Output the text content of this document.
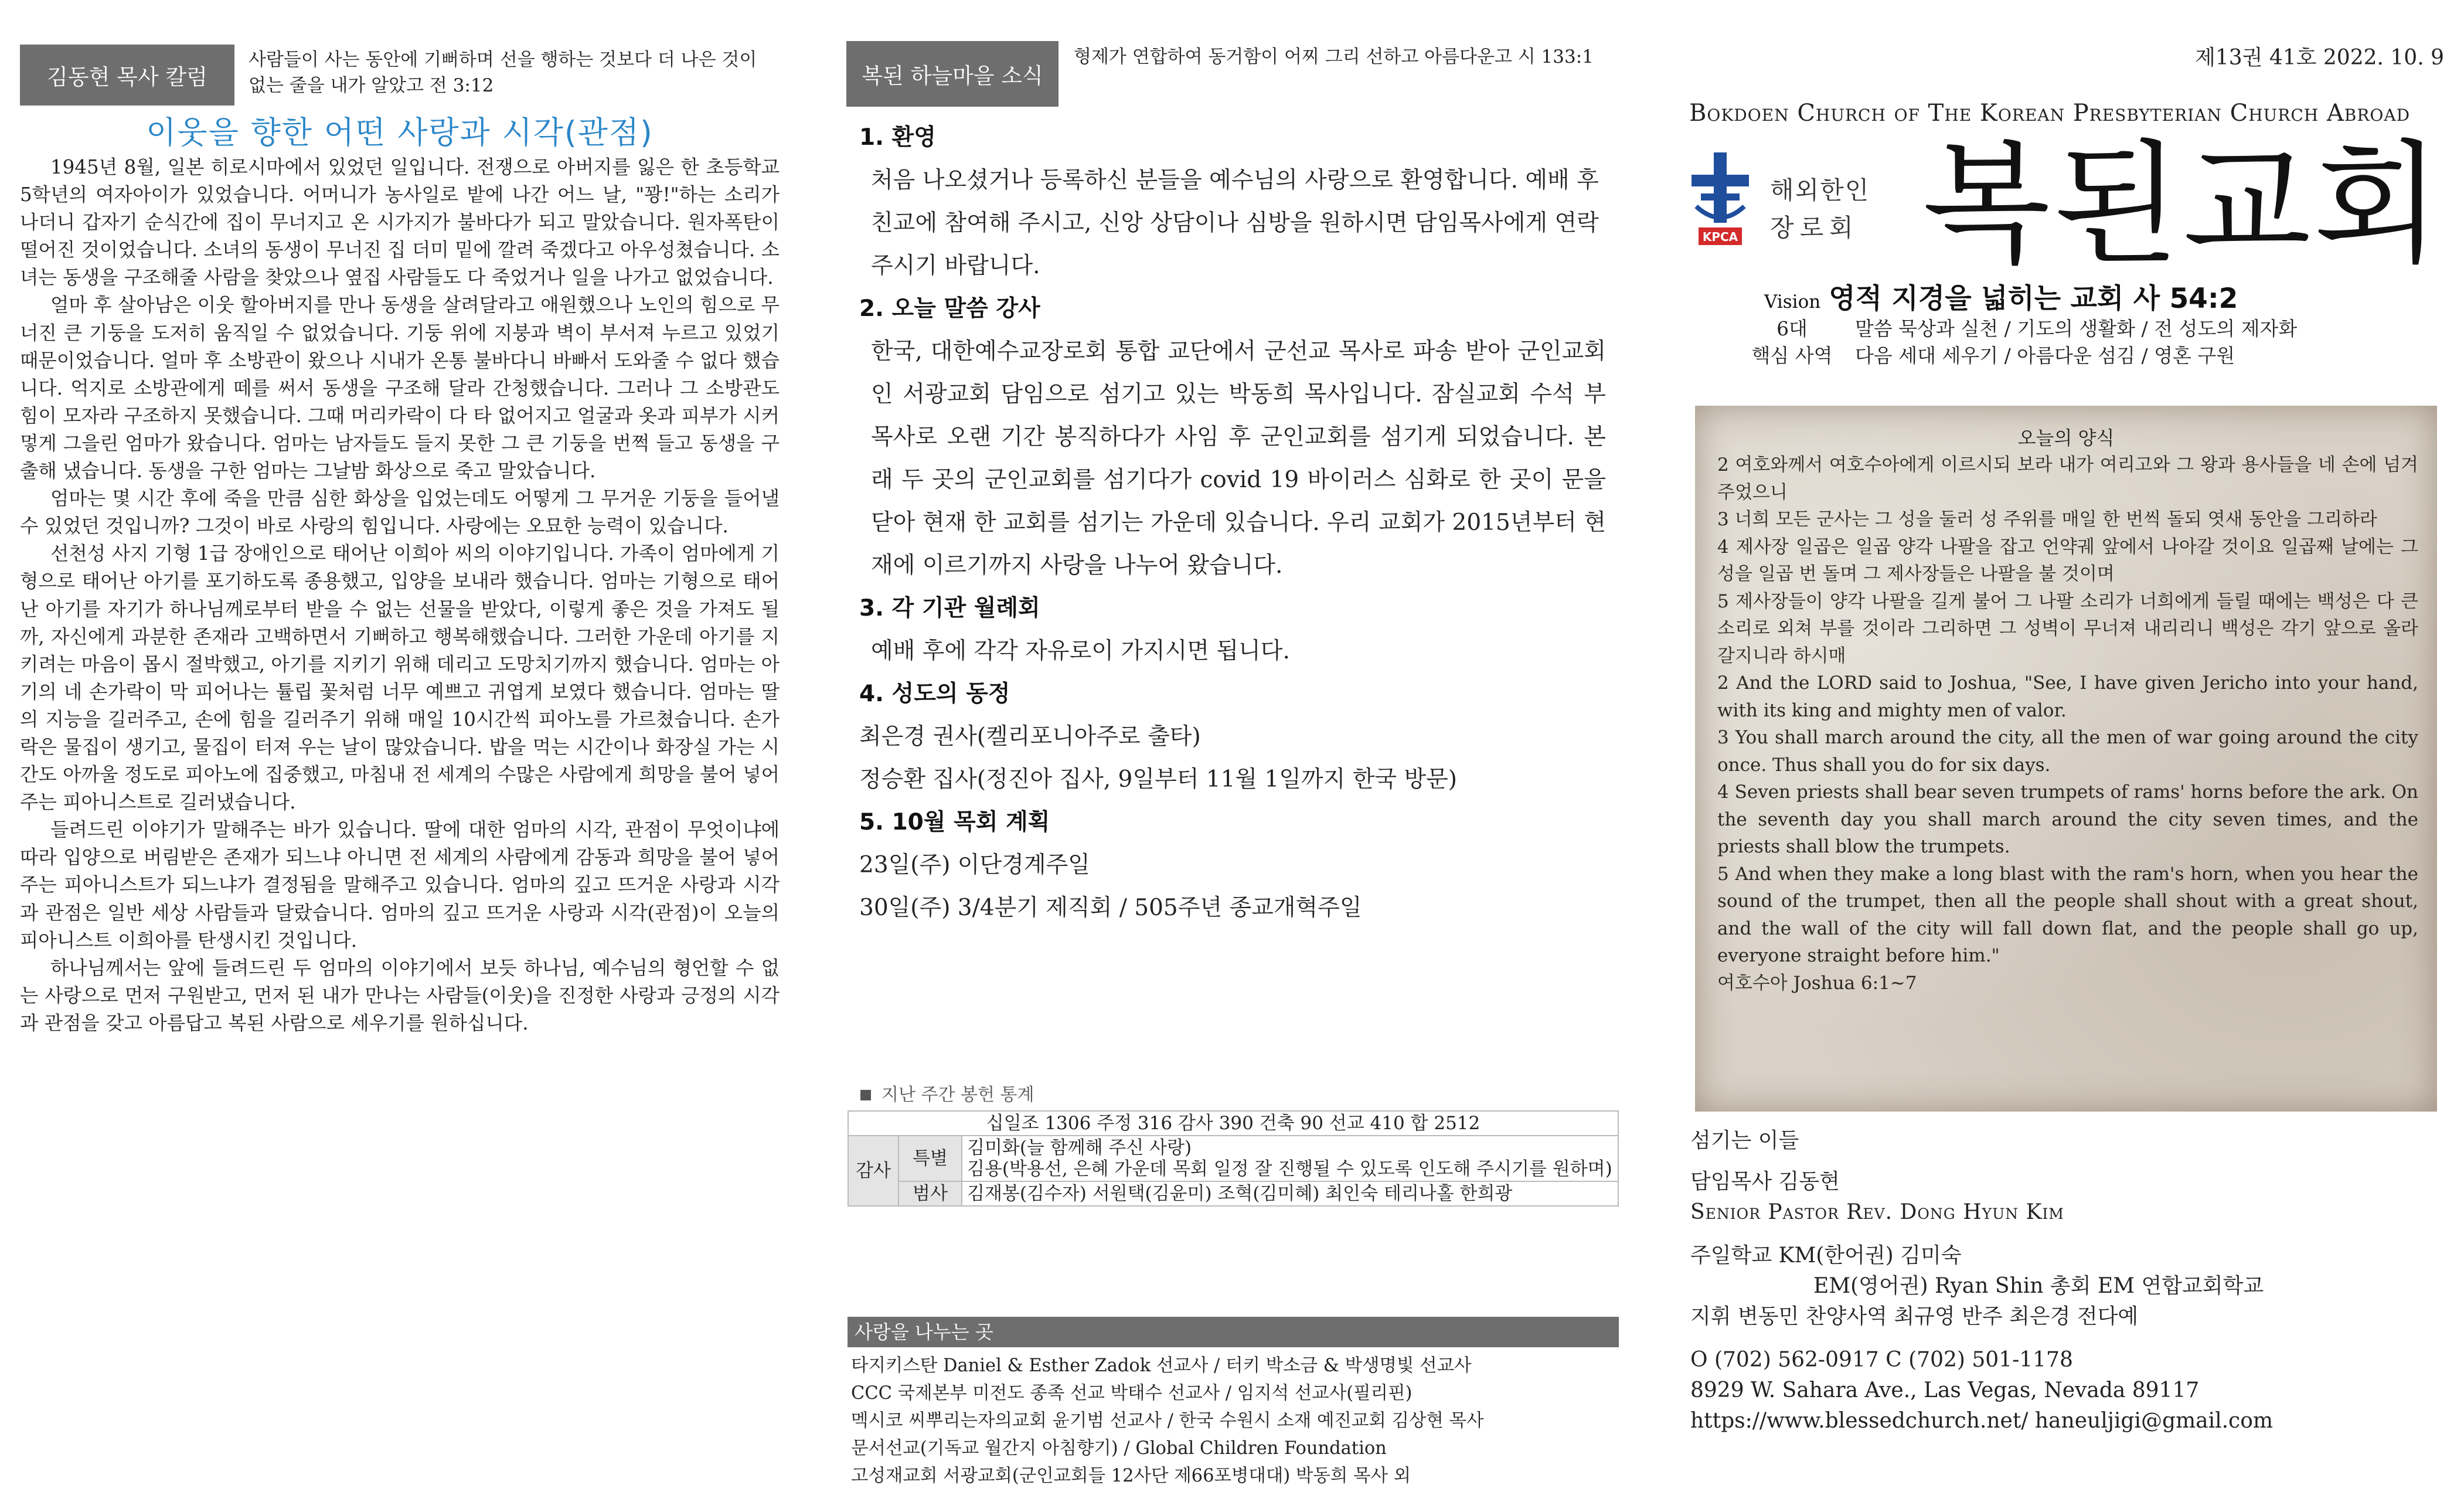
김동현 목사 칼럼
사람들이 사는 동안에 기뻐하며 선을 행하는 것보다 더 나은 것이 없는 줄을 내가 알았고 전 3:12
이웃을 향한 어떤 사랑과 시각(관점)

1945년 8월, 일본 히로시마에서 있었던 일입니다. 전쟁으로 아버지를 잃은 한 초등학교 5학년의 여자아이가 있었습니다. 어머니가 농사일로 밭에 나간 어느 날, "꽝!"하는 소리가 나더니 갑자기 순식간에 집이 무너지고 온 시가지가 불바다가 되고 말았습니다. 원자폭탄이 떨어진 것이었습니다. 소녀의 동생이 무너진 집 더미 밑에 깔려 죽겠다고 아우성쳤습니다. 소녀는 동생을 구조해줄 사람을 찾았으나 옆집 사람들도 다 죽었거나 일을 나가고 없었습니다.

얼마 후 살아남은 이웃 할아버지를 만나 동생을 살려달라고 애원했으나 노인의 힘으로 무너진 큰 기둥을 도저히 움직일 수 없었습니다. 기둥 위에 지붕과 벽이 부서져 누르고 있었기 때문이었습니다. 얼마 후 소방관이 왔으나 시내가 온통 불바다니 바빠서 도와줄 수 없다 했습니다. 억지로 소방관에게 떼를 써서 동생을 구조해 달라 간청했습니다. 그러나 그 소방관도 힘이 모자라 구조하지 못했습니다. 그때 머리카락이 다 타 없어지고 얼굴과 옷과 피부가 시커멓게 그을린 엄마가 왔습니다. 엄마는 남자들도 들지 못한 그 큰 기둥을 번쩍 들고 동생을 구출해 냈습니다. 동생을 구한 엄마는 그날밤 화상으로 죽고 말았습니다.

엄마는 몇 시간 후에 죽을 만큼 심한 화상을 입었는데도 어떻게 그 무거운 기둥을 들어낼 수 있었던 것입니까? 그것이 바로 사랑의 힘입니다. 사랑에는 오묘한 능력이 있습니다.

선천성 사지 기형 1급 장애인으로 태어난 이희아 씨의 이야기입니다. 가족이 엄마에게 기형으로 태어난 아기를 포기하도록 종용했고, 입양을 보내라 했습니다. 엄마는 기형으로 태어난 아기를 자기가 하나님께로부터 받을 수 없는 선물을 받았다, 이렇게 좋은 것을 가져도 될까, 자신에게 과분한 존재라 고백하면서 기뻐하고 행복해했습니다. 그러한 가운데 아기를 지키려는 마음이 몹시 절박했고, 아기를 지키기 위해 데리고 도망치기까지 했습니다. 엄마는 아기의 네 손가락이 막 피어나는 튤립 꽃처럼 너무 예쁘고 귀엽게 보였다 했습니다. 엄마는 딸의 지능을 길러주고, 손에 힘을 길러주기 위해 매일 10시간씩 피아노를 가르쳤습니다. 손가락은 물집이 생기고, 물집이 터져 우는 날이 많았습니다. 밥을 먹는 시간이나 화장실 가는 시간도 아까울 정도로 피아노에 집중했고, 마침내 전 세계의 수많은 사람에게 희망을 불어 넣어주는 피아니스트로 길러냈습니다.

들려드린 이야기가 말해주는 바가 있습니다. 딸에 대한 엄마의 시각, 관점이 무엇이냐에 따라 입양으로 버림받은 존재가 되느냐 아니면 전 세계의 사람에게 감동과 희망을 불어 넣어주는 피아니스트가 되느냐가 결정됨을 말해주고 있습니다. 엄마의 깊고 뜨거운 사랑과 시각과 관점은 일반 세상 사람들과 달랐습니다. 엄마의 깊고 뜨거운 사랑과 시각(관점)이 오늘의 피아니스트 이희아를 탄생시킨 것입니다.

하나님께서는 앞에 들려드린 두 엄마의 이야기에서 보듯 하나님, 예수님의 형언할 수 없는 사랑으로 먼저 구원받고, 먼저 된 내가 만나는 사람들(이웃)을 진정한 사랑과 긍정의 시각과 관점을 갖고 아름답고 복된 사람으로 세우기를 원하십니다.

복된 하늘마을 소식
형제가 연합하여 동거함이 어찌 그리 선하고 아름다운고 시 133:1
1. 환영

처음 나오셨거나 등록하신 분들을 예수님의 사랑으로 환영합니다. 예배 후 친교에 참여해 주시고, 신앙 상담이나 심방을 원하시면 담임목사에게 연락 주시기 바랍니다.

2. 오늘 말씀 강사

한국, 대한예수교장로회 통합 교단에서 군선교 목사로 파송 받아 군인교회인 서광교회 담임으로 섬기고 있는 박동희 목사입니다. 잠실교회 수석 부목사로 오랜 기간 봉직하다가 사임 후 군인교회를 섬기게 되었습니다. 본래 두 곳의 군인교회를 섬기다가 covid 19 바이러스 심화로 한 곳이 문을 닫아 현재 한 교회를 섬기는 가운데 있습니다. 우리 교회가 2015년부터 현재에 이르기까지 사랑을 나누어 왔습니다.

3. 각 기관 월례회

예배 후에 각각 자유로이 가지시면 됩니다.

4. 성도의 동정

최은경 권사(켈리포니아주로 출타)

정승환 집사(정진아 집사, 9일부터 11월 1일까지 한국 방문)

5. 10월 목회 계획

23일(주) 이단경계주일

30일(주) 3/4분기 제직회 / 505주년 종교개혁주일

지난 주간 봉헌 통계
십일조 1306 주정 316 감사 390 건축 90 선교 410 합 2512		
감사	특별	김미화(늘 함께해 주신 사랑)
김용(박용선, 은혜 가운데 목회 일정 잘 진행될 수 있도록 인도해 주시기를 원하며)
	범사	김재봉(김수자) 서원택(김윤미) 조혁(김미혜) 최인숙 테리나홀 한희광
사랑을 나누는 곳
타지키스탄 Daniel & Esther Zadok 선교사 / 터키 박소금 & 박생명빛 선교사
CCC 국제본부 미전도 종족 선교 박태수 선교사 / 임지석 선교사(필리핀)
멕시코 씨뿌리는자의교회 윤기범 선교사 / 한국 수원시 소재 예진교회 김상현 목사
문서선교(기독교 월간지 아침향기) / Global Children Foundation
고성재교회 서광교회(군인교회들 12사단 제66포병대대) 박동희 목사 외
제13권 41호 2022. 10. 9
Bokdoen Church of The Korean Presbyterian Church Abroad
KPCA
해외한인
장로회 복된교회
Vision 영적 지경을 넓히는 교회 사 54:2
6대 말씀 묵상과 실천 / 기도의 생활화 / 전 성도의 제자화
핵심 사역 다음 세대 세우기 / 아름다운 섬김 / 영혼 구원
오늘의 양식

2 여호와께서 여호수아에게 이르시되 보라 내가 여리고와 그 왕과 용사들을 네 손에 넘겨 주었으니

3 너희 모든 군사는 그 성을 둘러 성 주위를 매일 한 번씩 돌되 엿새 동안을 그리하라

4 제사장 일곱은 일곱 양각 나팔을 잡고 언약궤 앞에서 나아갈 것이요 일곱째 날에는 그 성을 일곱 번 돌며 그 제사장들은 나팔을 불 것이며

5 제사장들이 양각 나팔을 길게 불어 그 나팔 소리가 너희에게 들릴 때에는 백성은 다 큰 소리로 외쳐 부를 것이라 그리하면 그 성벽이 무너져 내리리니 백성은 각기 앞으로 올라갈지니라 하시매

2 And the LORD said to Joshua, "See, I have given Jericho into your hand, with its king and mighty men of valor.

3 You shall march around the city, all the men of war going around the city once. Thus shall you do for six days.

4 Seven priests shall bear seven trumpets of rams' horns before the ark. On the seventh day you shall march around the city seven times, and the priests shall blow the trumpets.

5 And when they make a long blast with the ram's horn, when you hear the sound of the trumpet, then all the people shall shout with a great shout, and the wall of the city will fall down flat, and the people shall go up, everyone straight before him."

여호수아 Joshua 6:1~7

섬기는 이들
담임목사 김동현
Senior Pastor Rev. Dong Hyun Kim
주일학교 KM(한어권) 김미숙
EM(영어권) Ryan Shin 총회 EM 연합교회학교
지휘 변동민 찬양사역 최규영 반주 최은경 전다예
O (702) 562-0917 C (702) 501-1178
8929 W. Sahara Ave., Las Vegas, Nevada 89117
https://www.blessedchurch.net/ haneuljigi@gmail.com
